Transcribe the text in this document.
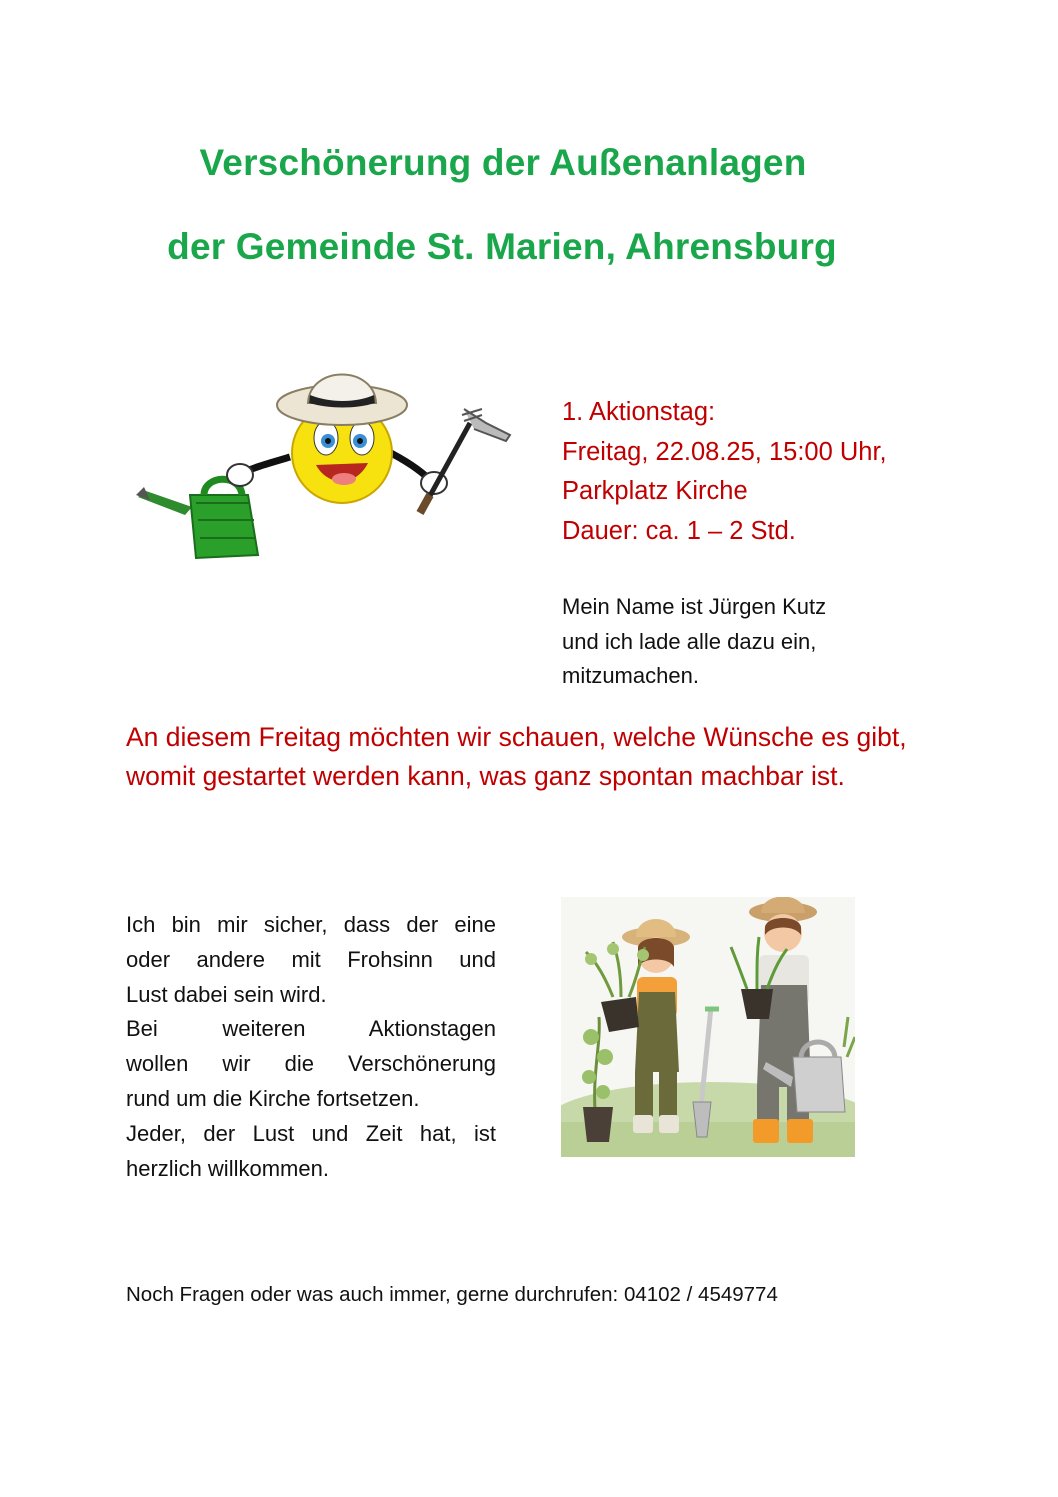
Verschönerung der Außenanlagen
der Gemeinde St. Marien, Ahrensburg
1. Aktionstag:
Freitag, 22.08.25, 15:00 Uhr,
Parkplatz Kirche
Dauer: ca. 1 – 2 Std.
Mein Name ist Jürgen Kutz
und ich lade alle dazu ein,
mitzumachen.

An diesem Freitag möchten wir schauen, welche Wünsche es gibt, womit gestartet werden kann, was ganz spontan machbar ist.

Ich bin mir sicher, dass der eine
oder andere mit Frohsinn und
Lust dabei sein wird.
Bei weiteren Aktionstagen
wollen wir die Verschönerung
rund um die Kirche fortsetzen.
Jeder, der Lust und Zeit hat, ist
herzlich willkommen.

Noch Fragen oder was auch immer, gerne durchrufen: 04102 / 4549774
